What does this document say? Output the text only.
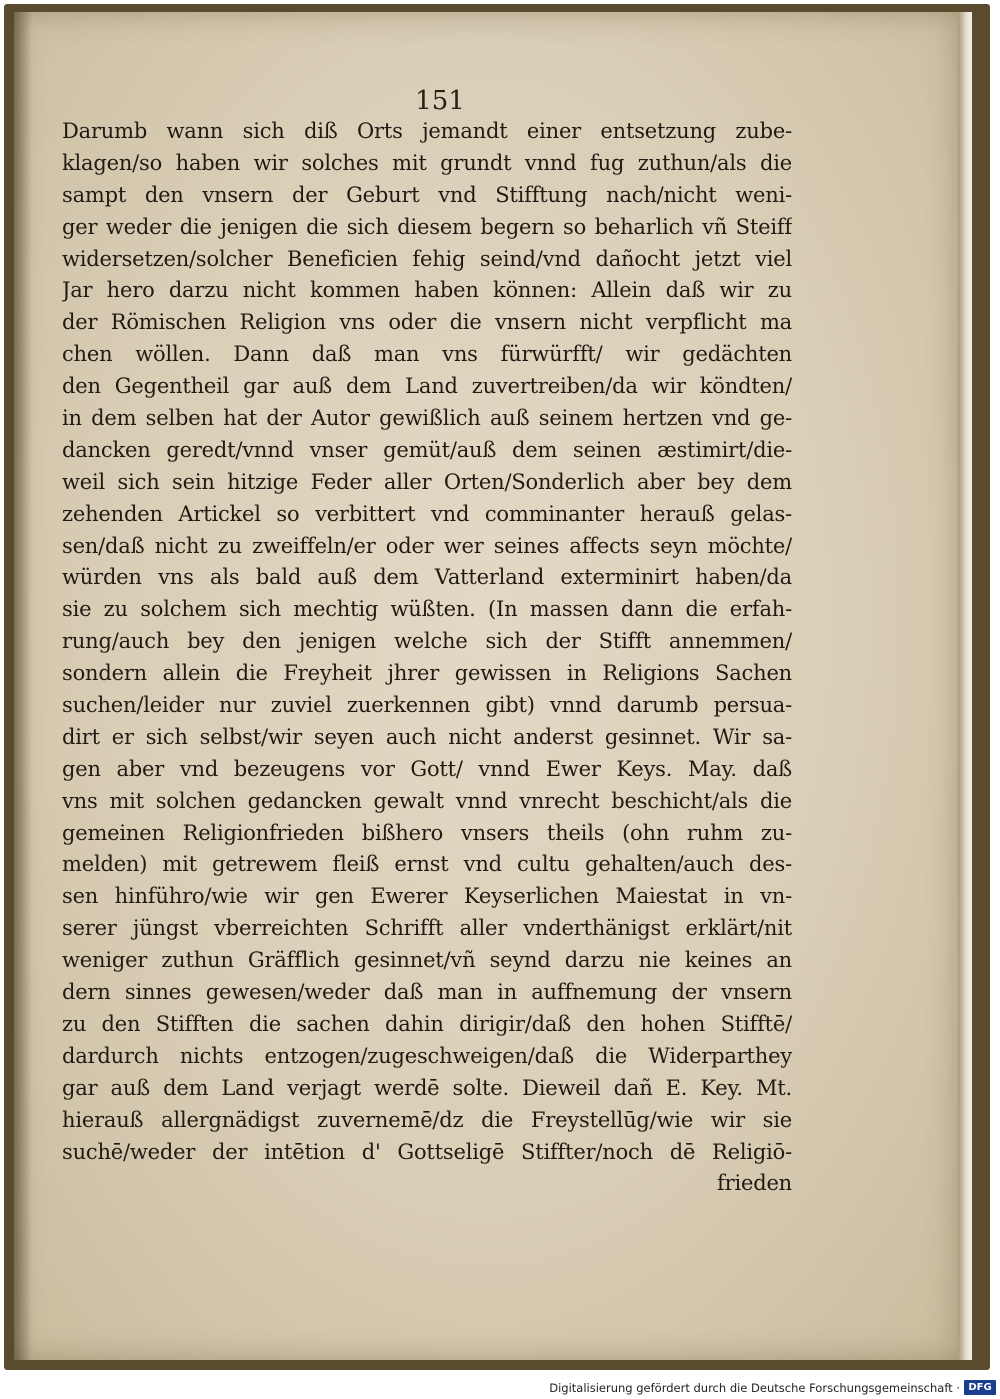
151
Darumb wann sich diß Orts jemandt einer entsetzung zube-
klagen/so haben wir solches mit grundt vnnd fug zuthun/als die
sampt den vnsern der Geburt vnd Stifftung nach/nicht weni-
ger weder die jenigen die sich diesem begern so beharlich vñ Steiff
widersetzen/solcher Beneficien fehig seind/vnd dañocht jetzt viel
Jar hero darzu nicht kommen haben können: Allein daß wir zu
der Römischen Religion vns oder die vnsern nicht verpflicht ma
chen wöllen. Dann daß man vns fürwürfft/ wir gedächten
den Gegentheil gar auß dem Land zuvertreiben/da wir köndten/
in dem selben hat der Autor gewißlich auß seinem hertzen vnd ge-
dancken geredt/vnnd vnser gemüt/auß dem seinen æstimirt/die-
weil sich sein hitzige Feder aller Orten/Sonderlich aber bey dem
zehenden Artickel so verbittert vnd comminanter herauß gelas-
sen/daß nicht zu zweiffeln/er oder wer seines affects seyn möchte/
würden vns als bald auß dem Vatterland exterminirt haben/da
sie zu solchem sich mechtig wüßten. (In massen dann die erfah-
rung/auch bey den jenigen welche sich der Stifft annemmen/
sondern allein die Freyheit jhrer gewissen in Religions Sachen
suchen/leider nur zuviel zuerkennen gibt) vnnd darumb persua-
dirt er sich selbst/wir seyen auch nicht anderst gesinnet. Wir sa-
gen aber vnd bezeugens vor Gott/ vnnd Ewer Keys. May. daß
vns mit solchen gedancken gewalt vnnd vnrecht beschicht/als die
gemeinen Religionfrieden bißhero vnsers theils (ohn ruhm zu-
melden) mit getrewem fleiß ernst vnd cultu gehalten/auch des-
sen hinführo/wie wir gen Ewerer Keyserlichen Maiestat in vn-
serer jüngst vberreichten Schrifft aller vnderthänigst erklärt/nit
weniger zuthun Gräfflich gesinnet/vñ seynd darzu nie keines an
dern sinnes gewesen/weder daß man in auffnemung der vnsern
zu den Stifften die sachen dahin dirigir/daß den hohen Stifftē/
dardurch nichts entzogen/zugeschweigen/daß die Widerparthey
gar auß dem Land verjagt werdē solte. Dieweil dañ E. Key. Mt.
hierauß allergnädigst zuvernemē/dz die Freystellūg/wie wir sie
suchē/weder der intētion d' Gottseligē Stiffter/noch dē Religiō-
frieden
Digitalisierung gefördert durch die Deutsche Forschungsgemeinschaft · DFG
